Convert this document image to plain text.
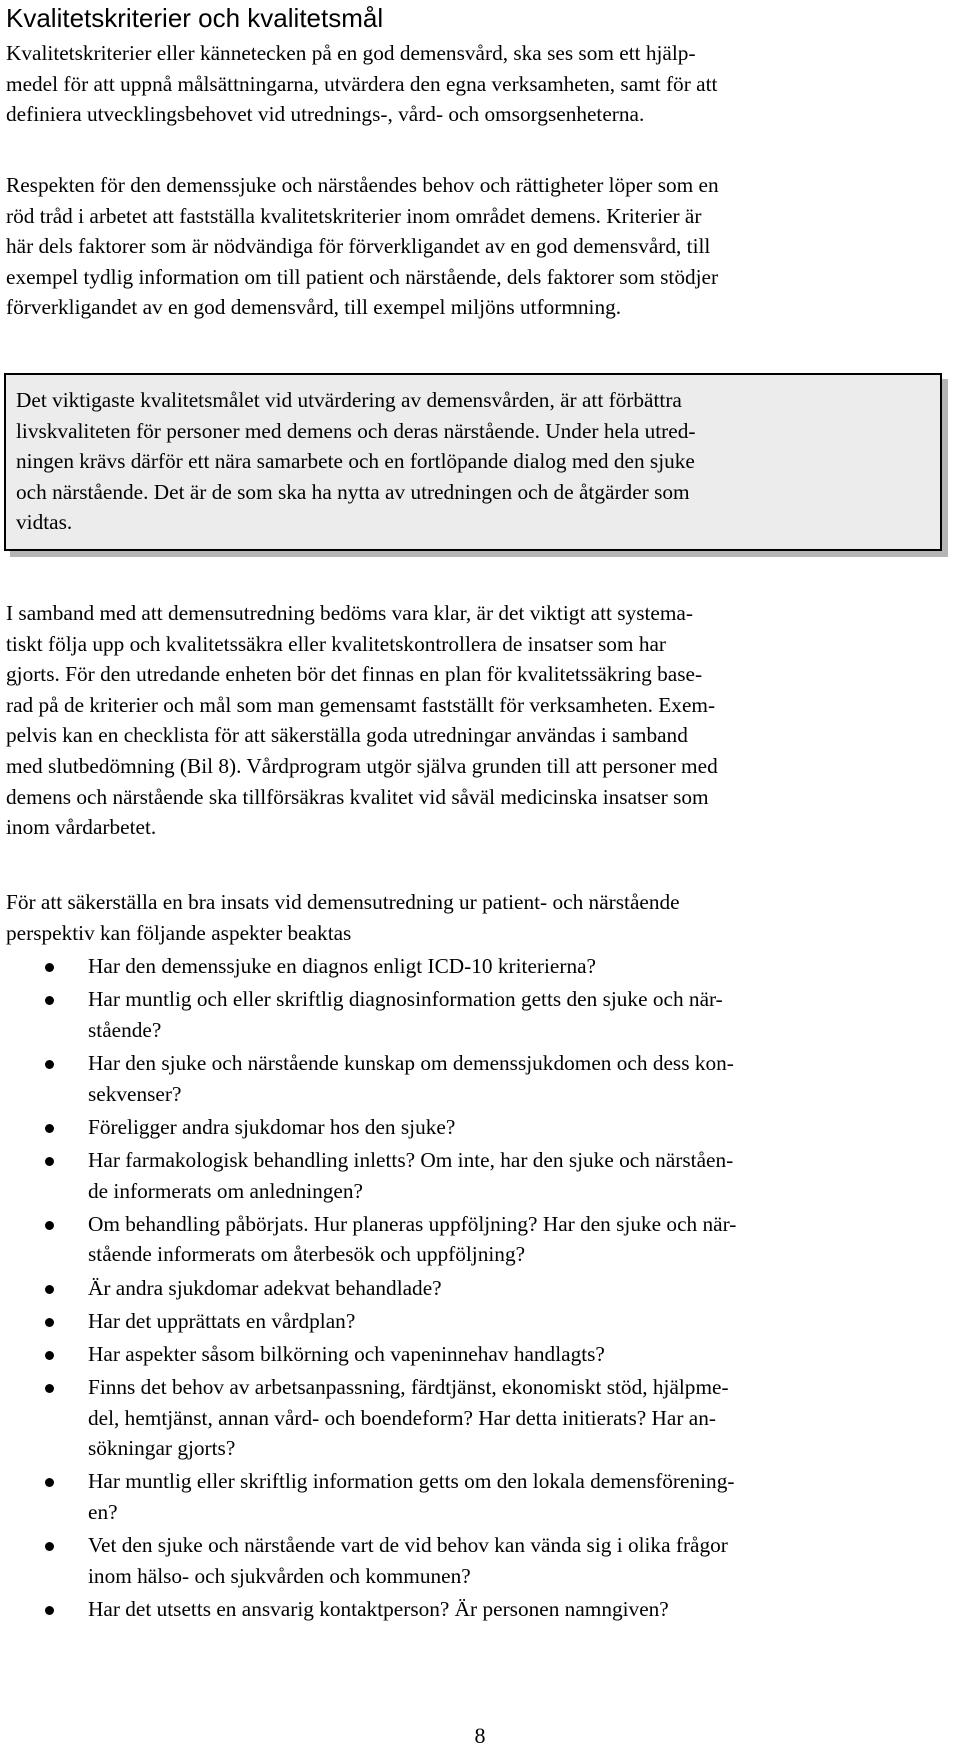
Kvalitetskriterier och kvalitetsmål

Kvalitetskriterier eller kännetecken på en god demensvård, ska ses som ett hjälp-
medel för att uppnå målsättningarna, utvärdera den egna verksamheten, samt för att
definiera utvecklingsbehovet vid utrednings-, vård- och omsorgsenheterna.

Respekten för den demenssjuke och närståendes behov och rättigheter löper som en
röd tråd i arbetet att fastställa kvalitetskriterier inom området demens. Kriterier är
här dels faktorer som är nödvändiga för förverkligandet av en god demensvård, till
exempel tydlig information om till patient och närstående, dels faktorer som stödjer
förverkligandet av en god demensvård, till exempel miljöns utformning.

Det viktigaste kvalitetsmålet vid utvärdering av demensvården, är att förbättra
livskvaliteten för personer med demens och deras närstående. Under hela utred-
ningen krävs därför ett nära samarbete och en fortlöpande dialog med den sjuke
och närstående. Det är de som ska ha nytta av utredningen och de åtgärder som
vidtas.

I samband med att demensutredning bedöms vara klar, är det viktigt att systema-
tiskt följa upp och kvalitetssäkra eller kvalitetskontrollera de insatser som har
gjorts. För den utredande enheten bör det finnas en plan för kvalitetssäkring base-
rad på de kriterier och mål som man gemensamt fastställt för verksamheten. Exem-
pelvis kan en checklista för att säkerställa goda utredningar användas i samband
med slutbedömning (Bil 8). Vårdprogram utgör själva grunden till att personer med
demens och närstående ska tillförsäkras kvalitet vid såväl medicinska insatser som
inom vårdarbetet.

För att säkerställa en bra insats vid demensutredning ur patient- och närstående
perspektiv kan följande aspekter beaktas

Har den demenssjuke en diagnos enligt ICD-10 kriterierna?
Har muntlig och eller skriftlig diagnosinformation getts den sjuke och när-
stående?
Har den sjuke och närstående kunskap om demenssjukdomen och dess kon-
sekvenser?
Föreligger andra sjukdomar hos den sjuke?
Har farmakologisk behandling inletts? Om inte, har den sjuke och närståen-
de informerats om anledningen?
Om behandling påbörjats. Hur planeras uppföljning? Har den sjuke och när-
stående informerats om återbesök och uppföljning?
Är andra sjukdomar adekvat behandlade?
Har det upprättats en vårdplan?
Har aspekter såsom bilkörning och vapeninnehav handlagts?
Finns det behov av arbetsanpassning, färdtjänst, ekonomiskt stöd, hjälpme-
del, hemtjänst, annan vård- och boendeform? Har detta initierats? Har an-
sökningar gjorts?
Har muntlig eller skriftlig information getts om den lokala demensförening-
en?
Vet den sjuke och närstående vart de vid behov kan vända sig i olika frågor
inom hälso- och sjukvården och kommunen?
Har det utsetts en ansvarig kontaktperson? Är personen namngiven?
8
